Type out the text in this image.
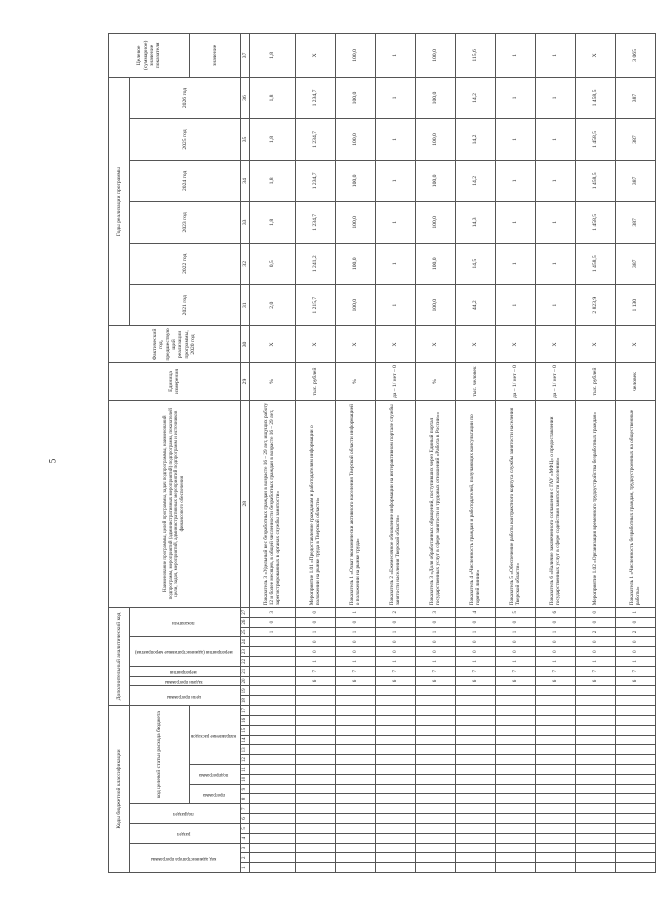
5
Коды бюджетной классификации																	Дополнительный аналитический код										Наименование программы, целей программы, задач подпрограммы, наименований подпрограмм, мероприятий (административных мероприятий) подпрограмм, показателей цели, задач, мероприятий, административных мероприятий подпрограмм и источников финансового обеспечения	Единица измерения	Фактический год, предшествующий реализации программы, 2020 год	Годы реализации программы						Целевое (суммарное) значение показателя
код администратора программы			раздел		подраздел		код целевой статьи расхода бюджета										цели программы		задачи программы	мероприятия	мероприятия (административные мероприятия)			показатели						2021 год	2022 год	2023 год	2024 год	2025 год	2026 год	
							программа		подпрограмма		направление расходов																									значение
1	2	3	4	5	6	7	8	9	10	11	12	13	14	15	16	17	18	19	20	21	22	23	24	25	26	27	28	29	30	31	32	33	34	35	36	37
																								1	0	3	Показатель 3 «Удельный вес безработных граждан в возрасте 16 – 29 лет, ищущих работу 12 и более месяцев, в общей численности безработных граждан в возрасте 16 – 29 лет, зарегистрированных в органах службы занятости»	%	X	2,0	0,5	1,8	1,8	1,8	1,8	1,8
																			6	7	1	0	0	1	0	0	Мероприятие 1.01 «Предоставление гражданам и работодателям информации о положении на рынке труда в Тверской области»	тыс. рублей	X	1 215,7	1 241,2	1 234,7	1 234,7	1 234,7	1 234,7	X
																			6	7	1	0	0	1	0	1	Показатель 1 «Охват экономически активного населения Тверской области информацией о положении на рынке труда»	%	X	100,0	100,0	100,0	100,0	100,0	100,0	100,0
																			6	7	1	0	0	1	0	2	Показатель 2 «Ежемесячное обновление информации на интерактивном портале службы занятости населения Тверской области»	да – 1/ нет – 0	X	1	1	1	1	1	1	1
																			6	7	1	0	0	1	0	3	Показатель 3 «Доля обработанных обращений, поступивших через Единый портал государственных услуг в сфере занятости и трудовых отношений «Работа в России»»	%	X	100,0	100,0	100,0	100,0	100,0	100,0	100,0
																			6	7	1	0	0	1	0	4	Показатель 4 «Численность граждан и работодателей, получающих консультации по горячей линии»	тыс. человек	X	44,2	14,5	14,3	14,2	14,2	14,2	115,6
																			6	7	1	0	0	1	0	5	Показатель 5 «Обеспечение работы контрактного корпуса службы занятости населения Тверской области»	да – 1/ нет – 0	X	1	1	1	1	1	1	1
																			6	7	1	0	0	1	0	6	Показатель 6 «Наличие заключенного соглашения с ГАУ «МФЦ» о предоставлении государственных услуг в сфере содействия занятости населения»	да – 1/ нет – 0	X	1	1	1	1	1	1	1
																			6	7	1	0	0	2	0	0	Мероприятие 1.02 «Организация временного трудоустройства безработных граждан»	тыс. рублей	X	2 823,9	1 458,5	1 458,5	1 458,5	1 458,5	1 458,5	X
																			6	7	1	0	0	2	0	1	Показатель 1 «Численность безработных граждан, трудоустроенных на общественные работы»	человек	X	1 130	387	387	387	387	387	3 065
